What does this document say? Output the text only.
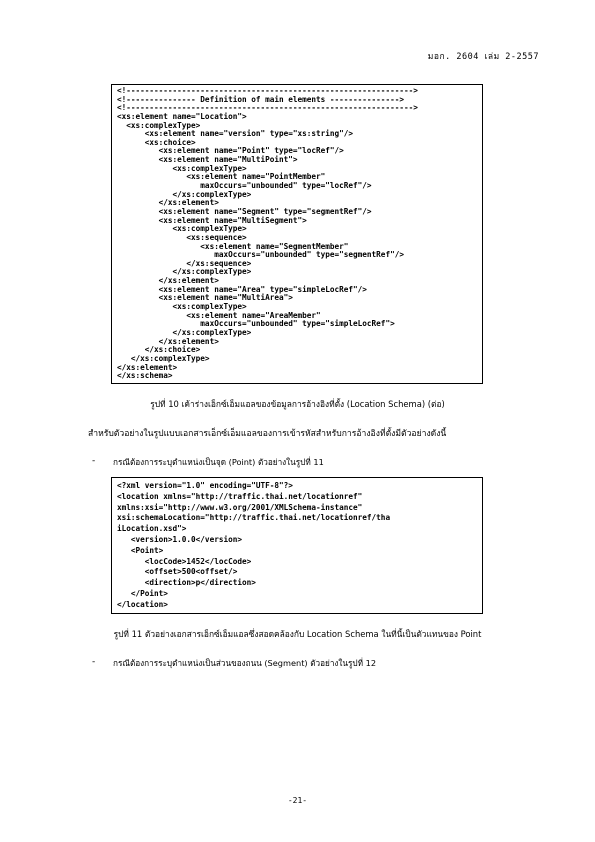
มอก. 2604 เล่ม 2-2557

<!-------------------------------------------------------------->
<!--------------- Definition of main elements --------------->
<!-------------------------------------------------------------->
<xs:element name="Location">
<xs:complexType>
<xs:element name="version" type="xs:string"/>
<xs:choice>
<xs:element name="Point" type="locRef"/>
<xs:element name="MultiPoint">
<xs:complexType>
<xs:element name="PointMember"
maxOccurs="unbounded" type="locRef"/>
</xs:complexType>
</xs:element>
<xs:element name="Segment" type="segmentRef"/>
<xs:element name="MultiSegment">
<xs:complexType>
<xs:sequence>
<xs:element name="SegmentMember"
maxOccurs="unbounded" type="segmentRef"/>
</xs:sequence>
</xs:complexType>
</xs:element>
<xs:element name="Area" type="simpleLocRef"/>
<xs:element name="MultiArea">
<xs:complexType>
<xs:element name="AreaMember"
maxOccurs="unbounded" type="simpleLocRef">
</xs:complexType>
</xs:element>
</xs:choice>
</xs:complexType>
</xs:element>
</xs:schema>

รูปที่ 10 เค้าร่างเอ็กซ์เอ็มแอลของข้อมูลการอ้างอิงที่ตั้ง (Location Schema) (ต่อ)

สำหรับตัวอย่างในรูปแบบเอกสารเอ็กซ์เอ็มแอลของการเข้ารหัสสำหรับการอ้างอิงที่ตั้งมีตัวอย่างดังนี้

- กรณีต้องการระบุตำแหน่งเป็นจุด (Point) ตัวอย่างในรูปที่ 11

<?xml version="1.0" encoding="UTF-8"?>
<location xmlns="http://traffic.thai.net/locationref"
xmlns:xsi="http://www.w3.org/2001/XMLSchema-instance"
xsi:schemaLocation="http://traffic.thai.net/locationref/tha
iLocation.xsd">
<version>1.0.0</version>
<Point>
<locCode>1452</locCode>
<offset>500<offset/>
<direction>p</direction>
</Point>
</location>

รูปที่ 11 ตัวอย่างเอกสารเอ็กซ์เอ็มแอลซึ่งสอดคล้องกับ Location Schema ในที่นี้เป็นตัวแทนของ Point

- กรณีต้องการระบุตำแหน่งเป็นส่วนของถนน (Segment) ตัวอย่างในรูปที่ 12

-21-
